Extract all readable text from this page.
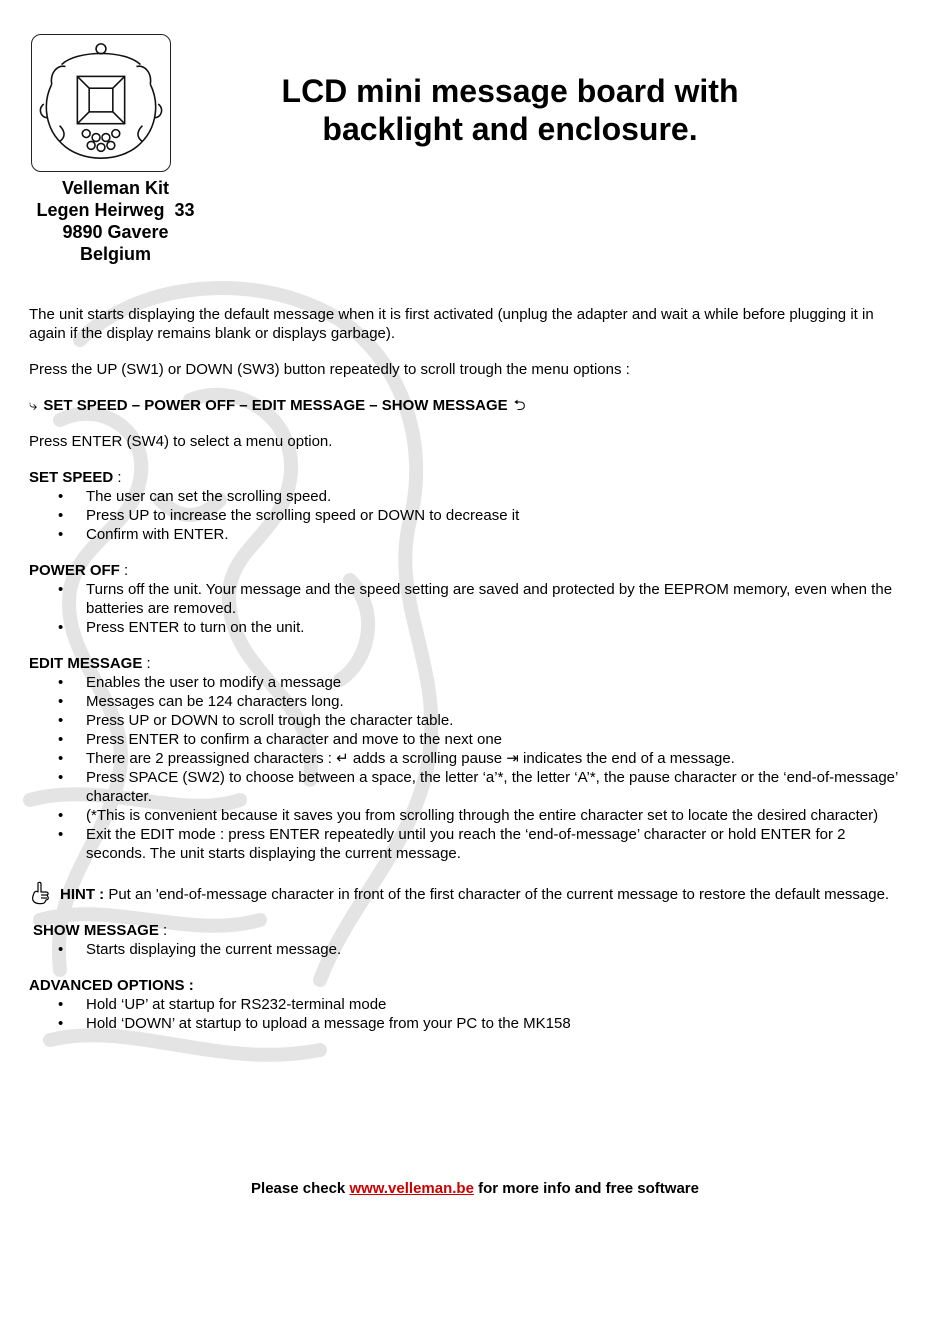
Velleman Kit
Legen Heirweg  33
9890 Gavere
Belgium
LCD mini message board with
backlight and enclosure.

The unit starts displaying the default message when it is first activated (unplug the adapter and wait a while before plugging it in again if the display remains blank or displays garbage).

Press the UP (SW1) or DOWN (SW3) button repeatedly to scroll trough the menu options :

⤷ SET SPEED – POWER OFF – EDIT MESSAGE – SHOW MESSAGE ⮌

Press ENTER (SW4) to select a menu option.

SET SPEED :

• The user can set the scrolling speed.
• Press UP to increase the scrolling speed or DOWN to decrease it
• Confirm with ENTER.

POWER OFF :

• Turns off the unit. Your message and the speed setting are saved and protected by the EEPROM memory, even when the batteries are removed.
• Press ENTER to turn on the unit.

EDIT MESSAGE :

• Enables the user to modify a message
• Messages can be 124 characters long.
• Press UP or DOWN to scroll trough the character table.
• Press ENTER to confirm a character and move to the next one
• There are 2 preassigned characters : ↵ adds a scrolling pause ⇥ indicates the end of a message.
• Press SPACE (SW2) to choose between a space, the letter ‘a’*, the letter ‘A’*, the pause character or the ‘end-of-message’ character.
• (*This is convenient because it saves you from scrolling through the entire character set to locate the desired character)
• Exit the EDIT mode : press ENTER repeatedly until you reach the ‘end-of-message’ character or hold ENTER for 2 seconds. The unit starts displaying the current message.

HINT : Put an 'end-of-message character in front of the first character of the current message to restore the default message.

SHOW MESSAGE :

• Starts displaying the current message.

ADVANCED OPTIONS :

• Hold ‘UP’ at startup for RS232-terminal mode
• Hold ‘DOWN’ at startup to upload a message from your PC to the MK158
Please check www.velleman.be for more info and free software
